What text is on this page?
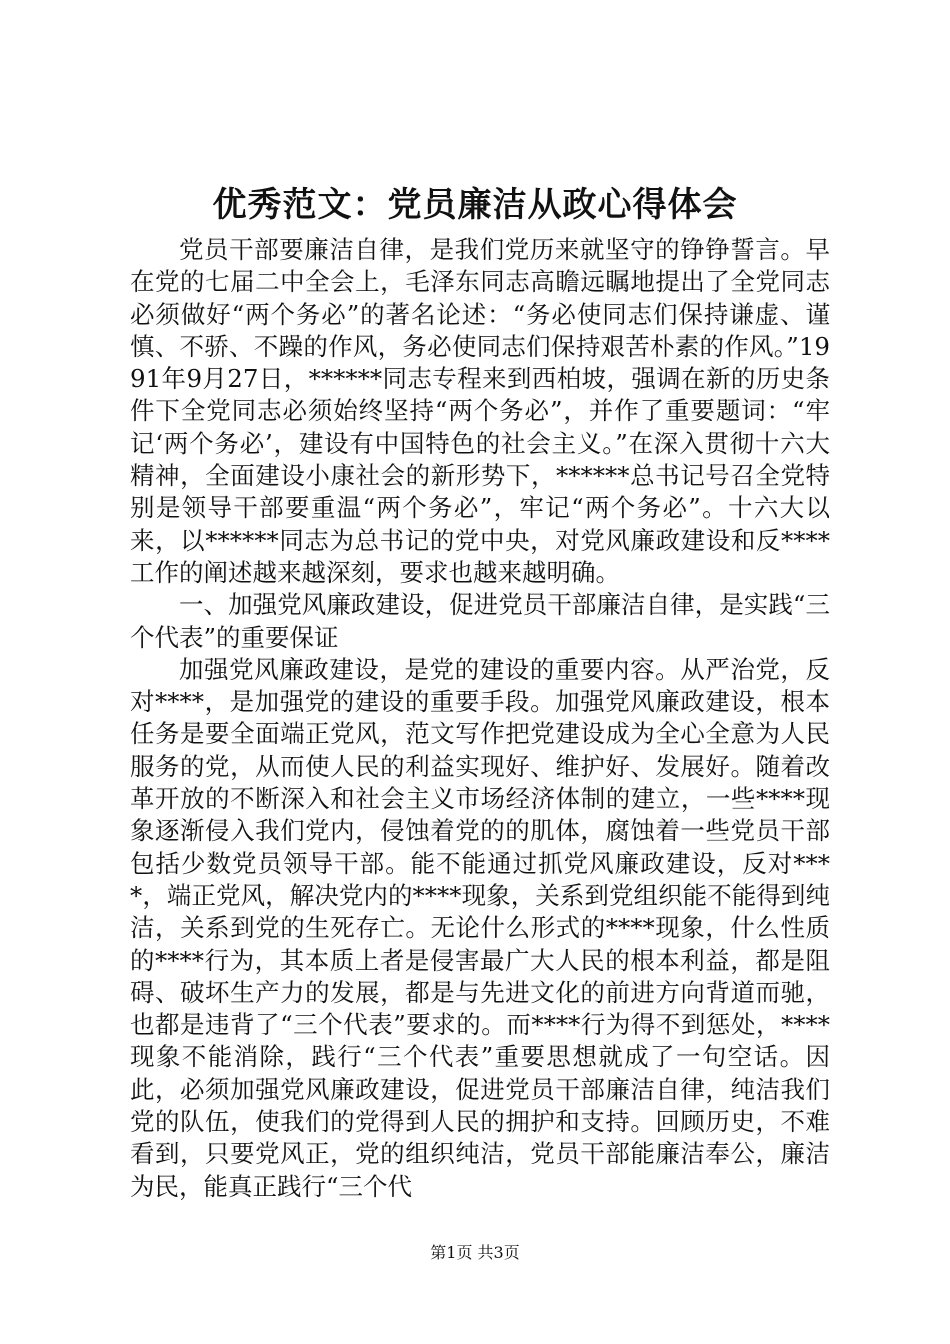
优秀范文：党员廉洁从政心得体会

党员干部要廉洁自律，是我们党历来就坚守的铮铮誓言。早在党的七届二中全会上，毛泽东同志高瞻远瞩地提出了全党同志必须做好“两个务必”的著名论述：“务必使同志们保持谦虚、谨慎、不骄、不躁的作风，务必使同志们保持艰苦朴素的作风。”1991年9月27日，******同志专程来到西柏坡，强调在新的历史条件下全党同志必须始终坚持“两个务必”，并作了重要题词：“牢记‘两个务必’，建设有中国特色的社会主义。”在深入贯彻十六大精神，全面建设小康社会的新形势下，******总书记号召全党特别是领导干部要重温“两个务必”，牢记“两个务必”。十六大以来，以******同志为总书记的党中央，对党风廉政建设和反****工作的阐述越来越深刻，要求也越来越明确。

一、加强党风廉政建设，促进党员干部廉洁自律，是实践“三个代表”的重要保证

加强党风廉政建设，是党的建设的重要内容。从严治党，反对****，是加强党的建设的重要手段。加强党风廉政建设，根本任务是要全面端正党风，范文写作把党建设成为全心全意为人民服务的党，从而使人民的利益实现好、维护好、发展好。随着改革开放的不断深入和社会主义市场经济体制的建立，一些****现象逐渐侵入我们党内，侵蚀着党的的肌体，腐蚀着一些党员干部包括少数党员领导干部。能不能通过抓党风廉政建设，反对****，端正党风，解决党内的****现象，关系到党组织能不能得到纯洁，关系到党的生死存亡。无论什么形式的****现象，什么性质的****行为，其本质上者是侵害最广大人民的根本利益，都是阻碍、破坏生产力的发展，都是与先进文化的前进方向背道而驰，也都是违背了“三个代表”要求的。而****行为得不到惩处，****现象不能消除，践行“三个代表”重要思想就成了一句空话。因此，必须加强党风廉政建设，促进党员干部廉洁自律，纯洁我们党的队伍，使我们的党得到人民的拥护和支持。回顾历史，不难看到，只要党风正，党的组织纯洁，党员干部能廉洁奉公，廉洁为民，能真正践行“三个代

第1页 共3页
